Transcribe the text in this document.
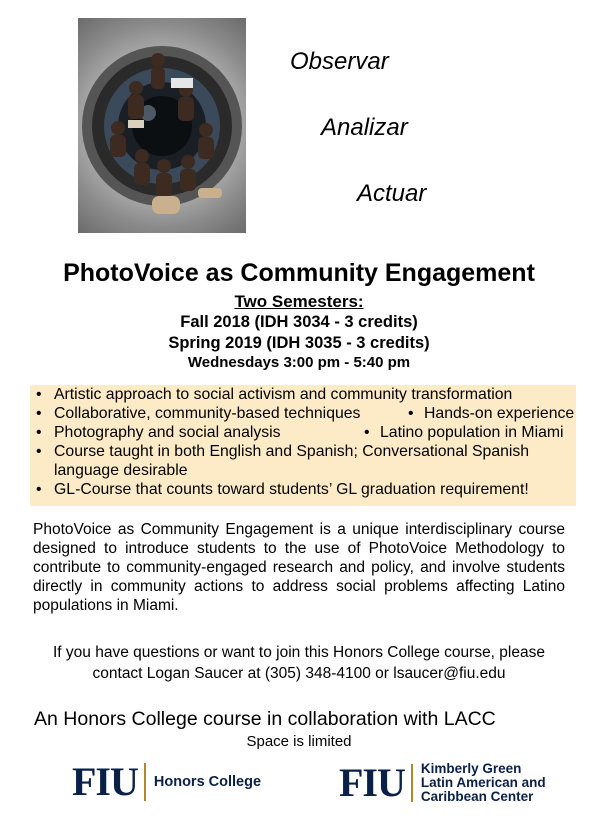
Observar
Analizar
Actuar
PhotoVoice as Community Engagement
Two Semesters:
Fall 2018 (IDH 3034 - 3 credits)
Spring 2019 (IDH 3035 - 3 credits)
Wednesdays 3:00 pm - 5:40 pm
• Artistic approach to social activism and community transformation
• Collaborative, community-based techniques	• Hands-on experience
• Photography and social analysis	• Latino population in Miami
• Course taught in both English and Spanish; Conversational Spanish
language desirable
• GL-Course that counts toward students’ GL graduation requirement!
PhotoVoice as Community Engagement is a unique interdisciplinary course designed to introduce students to the use of PhotoVoice Methodology to contribute to community-engaged research and policy, and involve students directly in community actions to address social problems affecting Latino populations in Miami.
If you have questions or want to join this Honors College course, please
contact Logan Saucer at (305) 348-4100 or lsaucer@fiu.edu
An Honors College course in collaboration with LACC
Space is limited
FIU Honors College FIU Kimberly Green
Latin American and
Caribbean Center
